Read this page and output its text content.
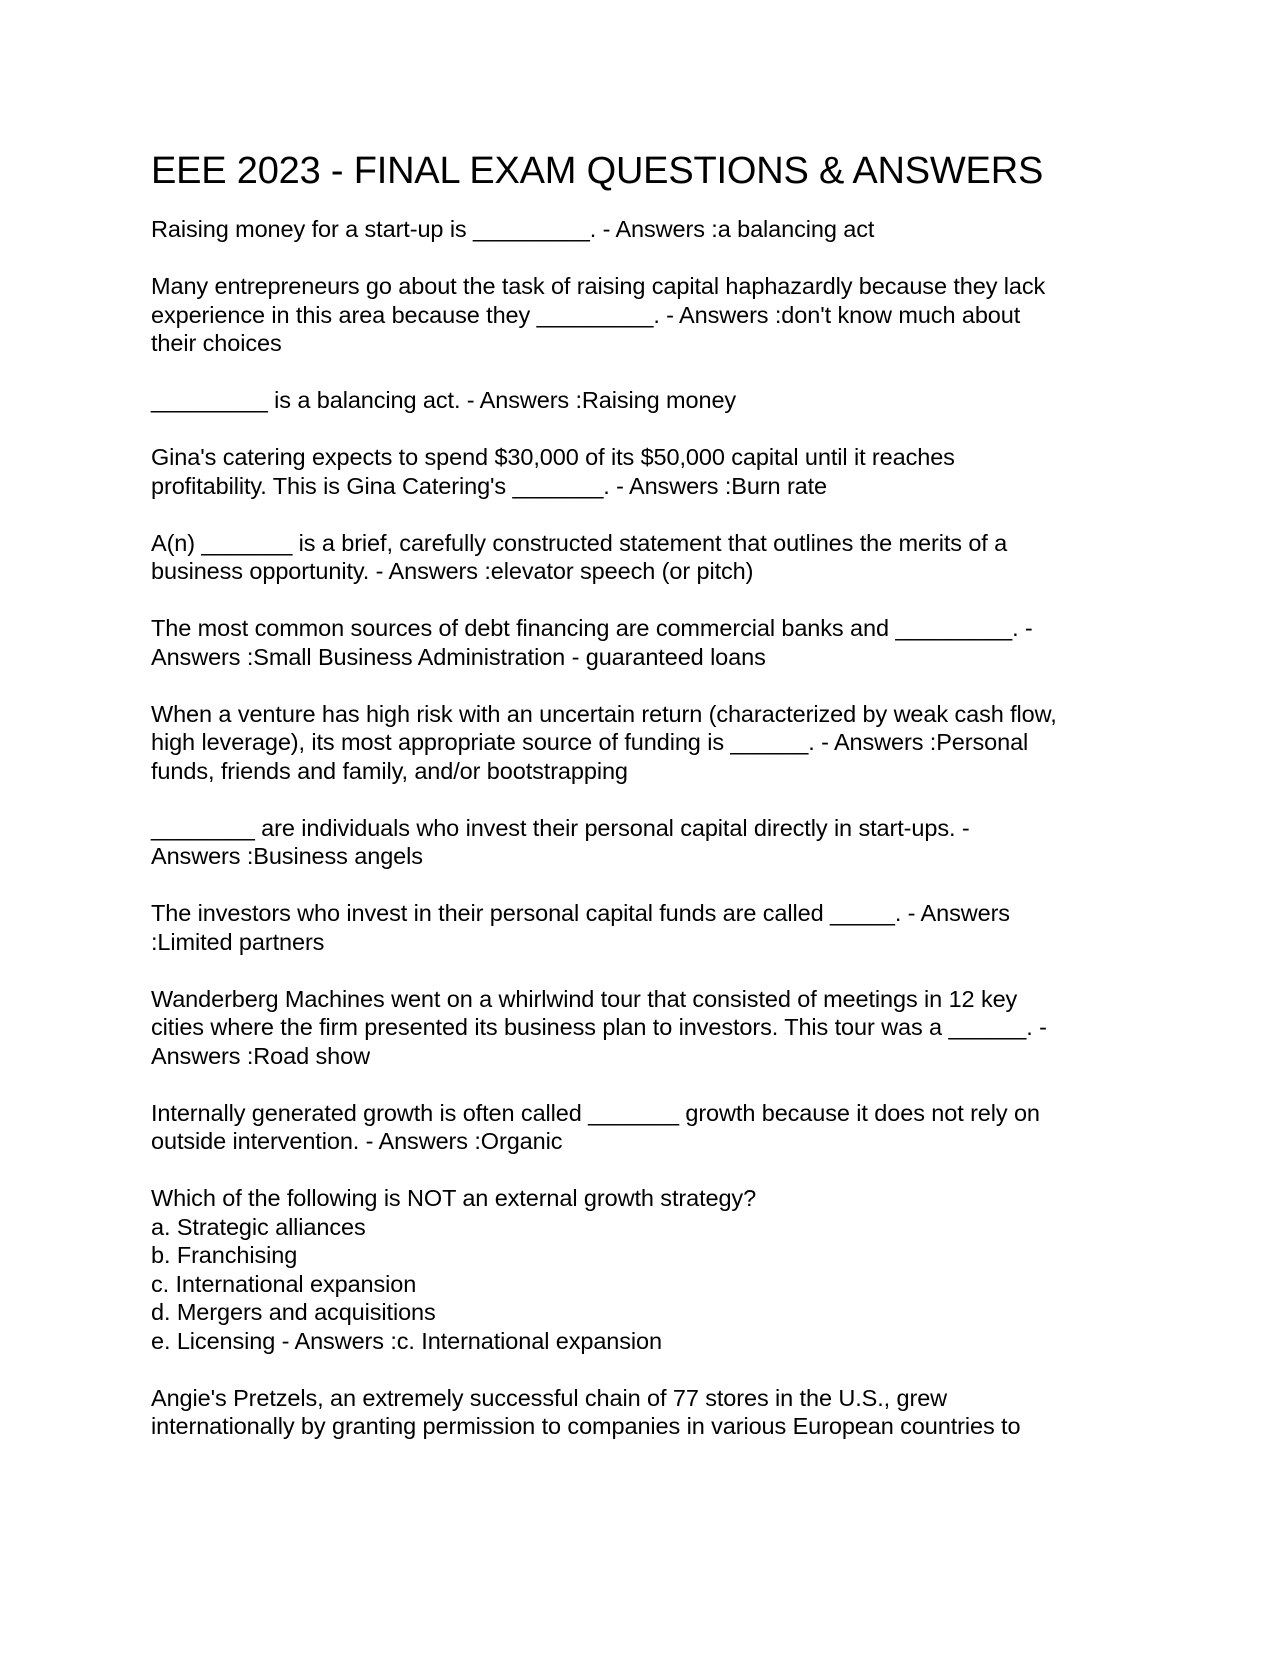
EEE 2023 - FINAL EXAM QUESTIONS & ANSWERS
Raising money for a start-up is _________. - Answers :a balancing act
Many entrepreneurs go about the task of raising capital haphazardly because they lack
experience in this area because they _________. - Answers :don't know much about
their choices
_________ is a balancing act. - Answers :Raising money
Gina's catering expects to spend $30,000 of its $50,000 capital until it reaches
profitability. This is Gina Catering's _______. - Answers :Burn rate
A(n) _______ is a brief, carefully constructed statement that outlines the merits of a
business opportunity. - Answers :elevator speech (or pitch)
The most common sources of debt financing are commercial banks and _________. -
Answers :Small Business Administration - guaranteed loans
When a venture has high risk with an uncertain return (characterized by weak cash flow,
high leverage), its most appropriate source of funding is ______. - Answers :Personal
funds, friends and family, and/or bootstrapping
________ are individuals who invest their personal capital directly in start-ups. -
Answers :Business angels
The investors who invest in their personal capital funds are called _____. - Answers
:Limited partners
Wanderberg Machines went on a whirlwind tour that consisted of meetings in 12 key
cities where the firm presented its business plan to investors. This tour was a ______. -
Answers :Road show
Internally generated growth is often called _______ growth because it does not rely on
outside intervention. - Answers :Organic
Which of the following is NOT an external growth strategy?
a. Strategic alliances
b. Franchising
c. International expansion
d. Mergers and acquisitions
e. Licensing - Answers :c. International expansion
Angie's Pretzels, an extremely successful chain of 77 stores in the U.S., grew
internationally by granting permission to companies in various European countries to
